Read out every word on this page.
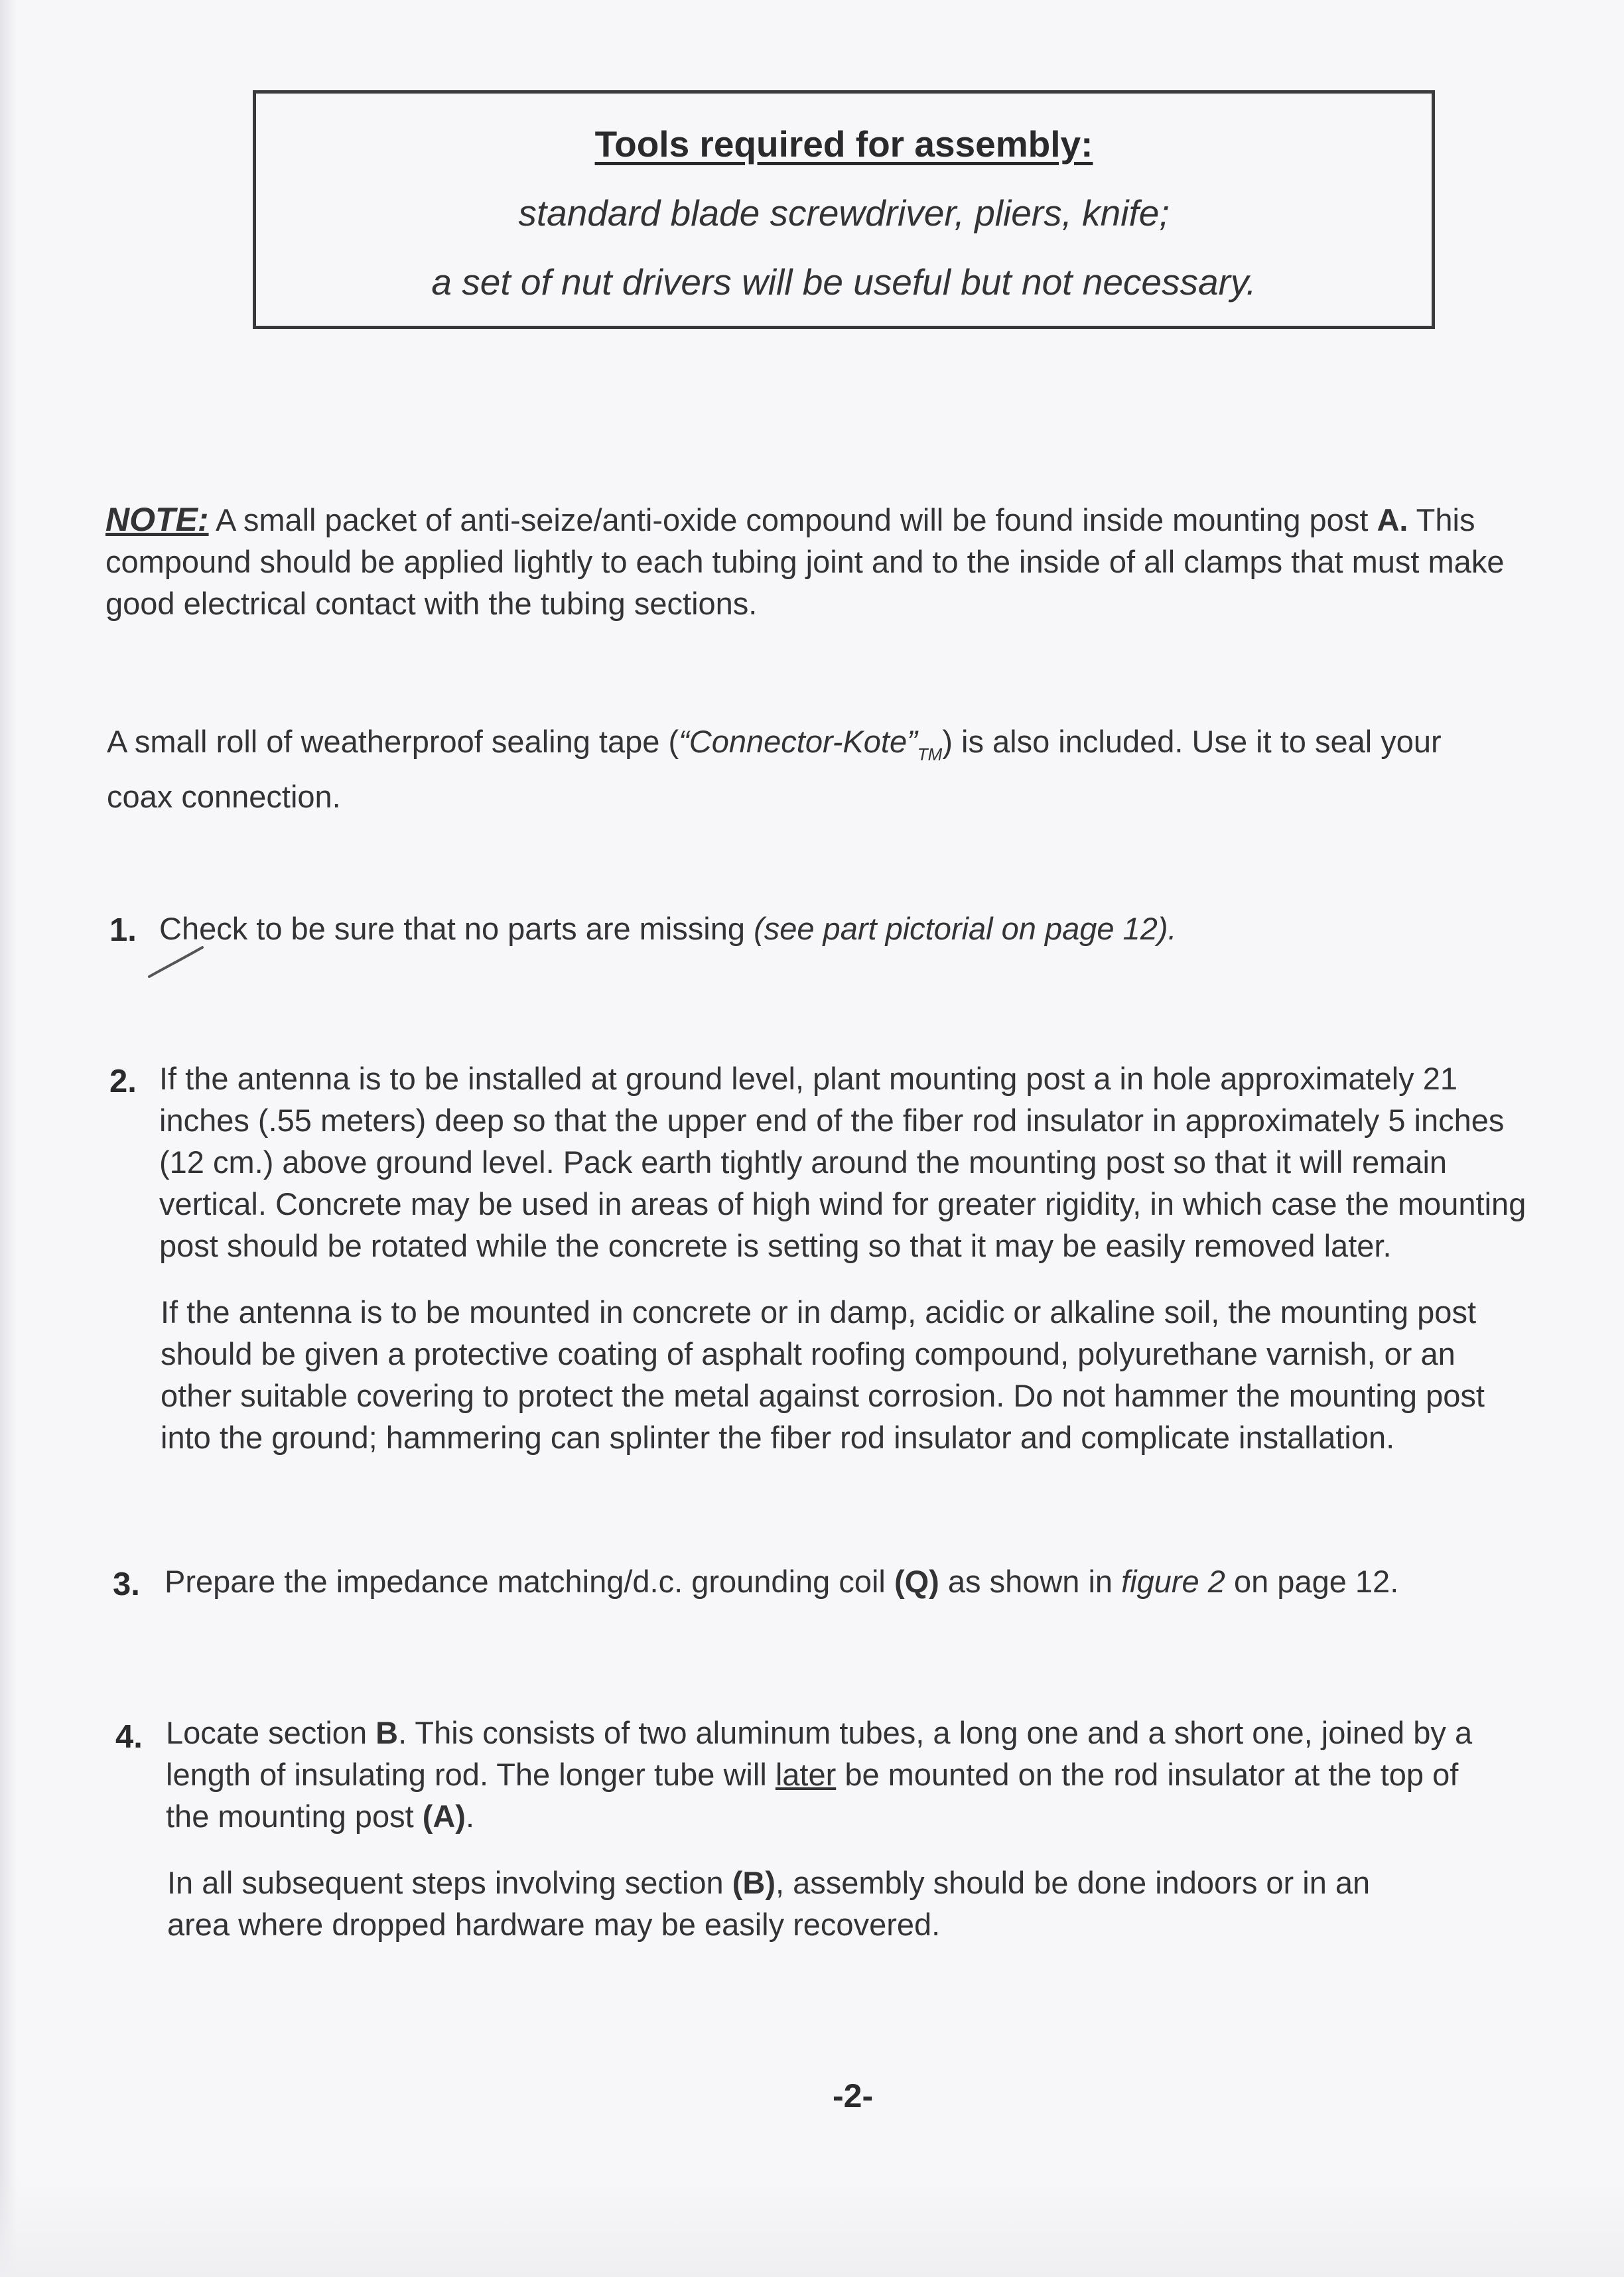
Tools required for assembly:
standard blade screwdriver, pliers, knife;
a set of nut drivers will be useful but not necessary.
NOTE: A small packet of anti-seize/anti-oxide compound will be found inside mounting post A. This
compound should be applied lightly to each tubing joint and to the inside of all clamps that must make
good electrical contact with the tubing sections.
A small roll of weatherproof sealing tape $(“Connector-Kote”_{TM})$ is also included. Use it to seal your
coax connection.
1. Check to be sure that no parts are missing (see part pictorial on page 12).
2. If the antenna is to be installed at ground level, plant mounting post a in hole approximately 21
inches (.55 meters) deep so that the upper end of the fiber rod insulator in approximately 5 inches
(12 cm.) above ground level. Pack earth tightly around the mounting post so that it will remain
vertical. Concrete may be used in areas of high wind for greater rigidity, in which case the mounting
post should be rotated while the concrete is setting so that it may be easily removed later.
If the antenna is to be mounted in concrete or in damp, acidic or alkaline soil, the mounting post
should be given a protective coating of asphalt roofing compound, polyurethane varnish, or an
other suitable covering to protect the metal against corrosion. Do not hammer the mounting post
into the ground; hammering can splinter the fiber rod insulator and complicate installation.
3. Prepare the impedance matching/d.c. grounding coil (Q) as shown in figure 2 on page 12.
4. Locate section B. This consists of two aluminum tubes, a long one and a short one, joined by a
length of insulating rod. The longer tube will later be mounted on the rod insulator at the top of
the mounting post (A).
In all subsequent steps involving section (B), assembly should be done indoors or in an
area where dropped hardware may be easily recovered.
-2-
